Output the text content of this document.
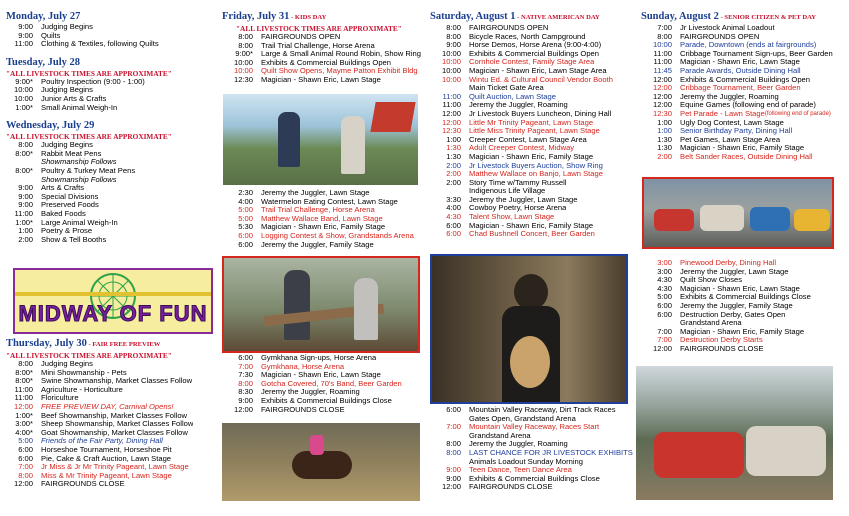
Monday, July 27
9:00	Judging Begins
9:00	Quilts
11:00	Clothing & Textiles, following Quilts
Tuesday, July 28
"ALL LIVESTOCK TIMES ARE APPROXIMATE"
9:00*	Poultry Inspection (9:00 - 1:00)
10:00	Judging Begins
10:00	Junior Arts & Crafts
1:00*	Small Animal Weigh-In
Wednesday, July 29
"ALL LIVESTOCK TIMES ARE APPROXIMATE"
8:00	Judging Begins
8:00*	Rabbit Meat Pens
Showmanship Follows
8:00*	Poultry & Turkey Meat Pens
Showmanship Follows
9:00	Arts & Crafts
9:00	Special Divisions
9:00	Preserved Foods
11:00	Baked Foods
1:00*	Large Animal Weigh-In
1:00	Poetry & Prose
2:00	Show & Tell Booths
MIDWAY OF FUN
Thursday, July 30 - FAIR FREE PREVIEW
"ALL LIVESTOCK TIMES ARE APPROXIMATE"
8:00	Judging Begins
8:00*	Mini Showmanship - Pets
8:00*	Swine Showmanship, Market Classes Follow
11:00	Agriculture - Horticulture
11:00	Floriculture
12:00	FREE PREVIEW DAY, Carnival Opens!
1:00*	Beef Showmanship, Market Classes Follow
3:00*	Sheep Showmanship, Market Classes Follow
4:00*	Goat Showmanship, Market Classes Follow
5:00	Friends of the Fair Party, Dining Hall
6:00	Horseshoe Tournament, Horseshoe Pit
6:00	Pie, Cake & Craft Auction, Lawn Stage
7:00	Jr Miss & Jr Mr Trinity Pageant, Lawn Stage
8:00	Miss & Mr Trinity Pageant, Lawn Stage
12:00	FAIRGROUNDS CLOSE
Friday, July 31 - KIDS DAY
"ALL LIVESTOCK TIMES ARE APPROXIMATE"
8:00	FAIRGROUNDS OPEN
8:00	Trail Trial Challenge, Horse Arena
9:00*	Large & Small Animal Round Robin, Show Ring
10:00	Exhibits & Commercial Buildings Open
10:00	Quilt Show Opens, Mayme Patton Exhibit Bldg
12:30	Magician - Shawn Eric, Lawn Stage
2:30	Jeremy the Juggler, Lawn Stage
4:00	Watermelon Eating Contest, Lawn Stage
5:00	Trail Trial Challenge, Horse Arena
5:00	Matthew Wallace Band, Lawn Stage
5:30	Magician - Shawn Eric, Family Stage
6:00	Logging Contest & Show, Grandstands Arena
6:00	Jeremy the Juggler, Family Stage
6:00	Gymkhana Sign-ups, Horse Arena
7:00	Gymkhana, Horse Arena
7:30	Magician - Shawn Eric, Lawn Stage
8:00	Gotcha Covered, 70's Band, Beer Garden
8:30	Jeremy the Juggler, Roaming
9:00	Exhibits & Commercial Buildings Close
12:00	FAIRGROUNDS CLOSE
Saturday, August 1 - NATIVE AMERICAN DAY
8:00	FAIRGROUNDS OPEN
8:00	Bicycle Races, North Campground
9:00	Horse Demos, Horse Arena (9:00-4:00)
10:00	Exhibits & Commercial Buildings Open
10:00	Cornhole Contest, Family Stage Area
10:00	Magician - Shawn Eric, Lawn Stage Area
10:00	Wintu Ed. & Cultural Council Vendor Booth
Main Ticket Gate Area
11:00	Quilt Auction, Lawn Stage
11:00	Jeremy the Juggler, Roaming
12:00	Jr Livestock Buyers Luncheon, Dining Hall
12:00	Little Mr Trinity Pageant, Lawn Stage
12:30	Little Miss Trinity Pageant, Lawn Stage
1:00	Creeper Contest, Lawn Stage Area
1:30	Adult Creeper Contest, Midway
1:30	Magician - Shawn Eric, Family Stage
2:00	Jr Livestock Buyers Auction, Show Ring
2:00	Matthew Wallace on Banjo, Lawn Stage
2:00	Story Time w/Tammy Russell
Indigenous Life Village
3:30	Jeremy the Juggler, Lawn Stage
4:00	Cowboy Poetry, Horse Arena
4:30	Talent Show, Lawn Stage
6:00	Magician - Shawn Eric, Family Stage
6:00	Chad Bushnell Concert, Beer Garden
6:00	Mountain Valley Raceway, Dirt Track Races
Gates Open, Grandstand Arena
7:00	Mountain Valley Raceway, Races Start
Grandstand Arena
8:00	Jeremy the Juggler, Roaming
8:00	LAST CHANCE FOR JR LIVESTOCK EXHIBITS
Animals Loadout Sunday Morning
9:00	Teen Dance, Teen Dance Area
9:00	Exhibits & Commercial Buildings Close
12:00	FAIRGROUNDS CLOSE
Sunday, August 2 - SENIOR CITIZEN & PET DAY
7:00	Jr Livestock Animal Loadout
8:00	FAIRGROUNDS OPEN
10:00	Parade, Downtown (ends at fairgrounds)
11:00	Cribbage Tournament Sign-ups, Beer Garden
11:00	Magician - Shawn Eric, Lawn Stage
11:45	Parade Awards, Outside Dining Hall
12:00	Exhibits & Commercial Buildings Open
12:00	Cribbage Tournament, Beer Garden
12:00	Jeremy the Juggler, Roaming
12:00	Equine Games (following end of parade)
12:30	Pet Parade - Lawn Stage (following end of parade)
1:00	Ugly Dog Contest, Lawn Stage
1:00	Senior Birthday Party, Dining Hall
1:30	Pet Games, Lawn Stage Area
1:30	Magician - Shawn Eric, Family Stage
2:00	Belt Sander Races, Outside Dining Hall
3:00	Pinewood Derby, Dining Hall
3:00	Jeremy the Juggler, Lawn Stage
4:30	Quilt Show Closes
4:30	Magician - Shawn Eric, Lawn Stage
5:00	Exhibits & Commercial Buildings Close
6:00	Jeremy the Juggler, Family Stage
6:00	Destruction Derby, Gates Open
Grandstand Arena
7:00	Magician - Shawn Eric, Family Stage
7:00	Destruction Derby Starts
12:00	FAIRGROUNDS CLOSE
